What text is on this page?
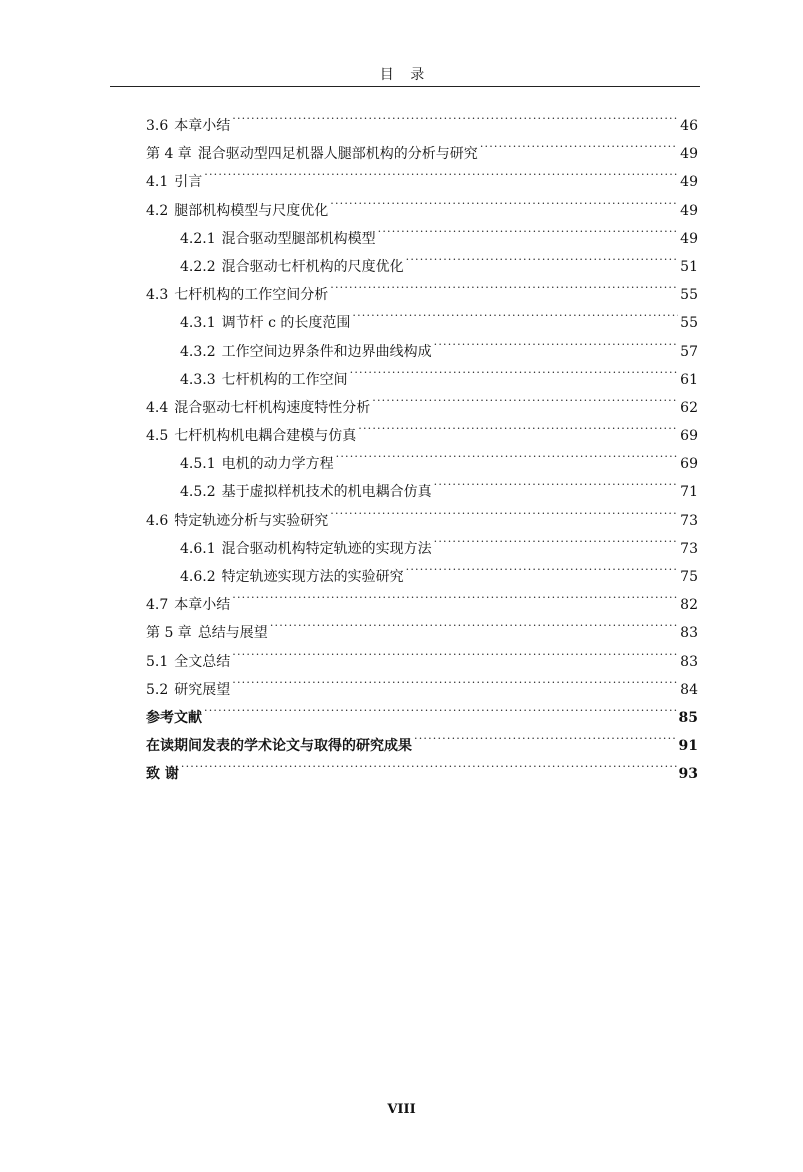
目 录
3.6 本章小结 .....	46
第 4 章 混合驱动型四足机器人腿部机构的分析与研究 .....	49
4.1 引言 .....	49
4.2 腿部机构模型与尺度优化 .....	49
4.2.1 混合驱动型腿部机构模型 .....	49
4.2.2 混合驱动七杆机构的尺度优化 .....	51
4.3 七杆机构的工作空间分析 .....	55
4.3.1 调节杆 c 的长度范围 .....	55
4.3.2 工作空间边界条件和边界曲线构成 .....	57
4.3.3 七杆机构的工作空间 .....	61
4.4 混合驱动七杆机构速度特性分析 .....	62
4.5 七杆机构机电耦合建模与仿真 .....	69
4.5.1 电机的动力学方程 .....	69
4.5.2 基于虚拟样机技术的机电耦合仿真 .....	71
4.6 特定轨迹分析与实验研究 .....	73
4.6.1 混合驱动机构特定轨迹的实现方法 .....	73
4.6.2 特定轨迹实现方法的实验研究 .....	75
4.7 本章小结 .....	82
第 5 章 总结与展望 .....	83
5.1 全文总结 .....	83
5.2 研究展望 .....	84
参考文献 .....	85
在读期间发表的学术论文与取得的研究成果 .....	91
致 谢 .....	93
VIII
